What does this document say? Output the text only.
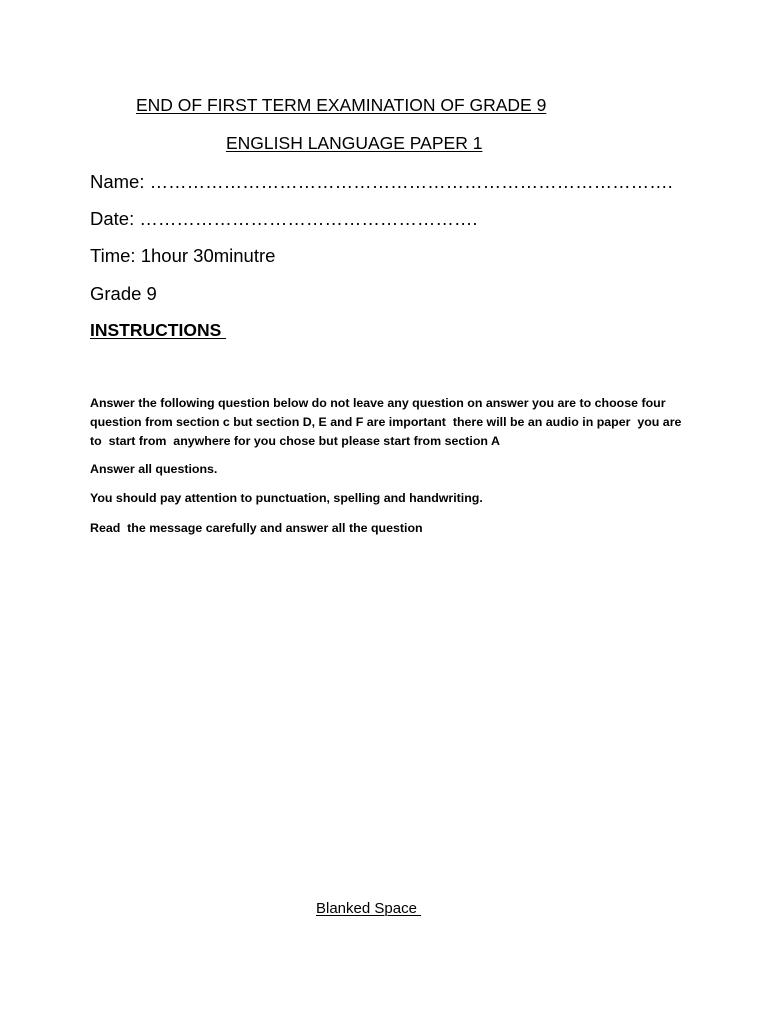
END OF FIRST TERM EXAMINATION OF GRADE 9
ENGLISH LANGUAGE PAPER 1
Name: ………………………………………………………………………….
Date: ……………………………………………….
Time: 1hour 30minutre
Grade 9
INSTRUCTIONS
Answer the following question below do not leave any question on answer you are to choose four question from section c but section D, E and F are important  there will be an audio in paper  you are to  start from  anywhere for you chose but please start from section A
Answer all questions.
You should pay attention to punctuation, spelling and handwriting.
Read  the message carefully and answer all the question
Blanked Space
